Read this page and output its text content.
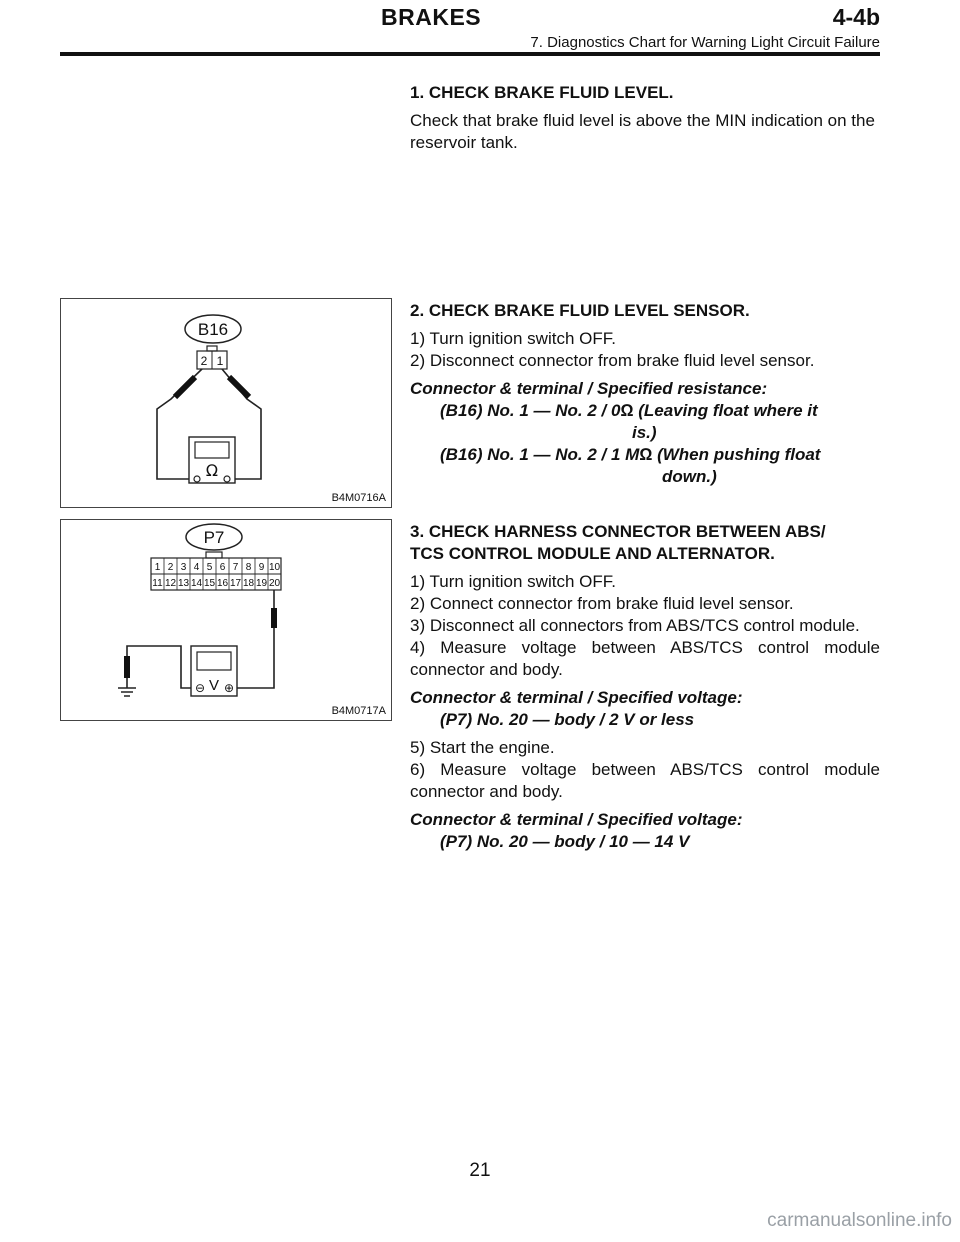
BRAKES	4-4b
7. Diagnostics Chart for Warning Light Circuit Failure

1. CHECK BRAKE FLUID LEVEL.

Check that brake fluid level is above the MIN indication on the reservoir tank.

B16
2 1
Ω
B4M0716A

2. CHECK BRAKE FLUID LEVEL SENSOR.

1) Turn ignition switch OFF.

2) Disconnect connector from brake fluid level sensor.

Connector & terminal / Specified resistance:

(B16) No. 1 — No. 2 / 0Ω (Leaving float where it
is.)

(B16) No. 1 — No. 2 / 1 MΩ (When pushing float
down.)

P7
1 2 3 4 5 6 7 8 9 10
11 12 13 14 15 16 17 18 19 20
V
⊖ ⊕
B4M0717A

3. CHECK HARNESS CONNECTOR BETWEEN ABS/
TCS CONTROL MODULE AND ALTERNATOR.

1) Turn ignition switch OFF.

2) Connect connector from brake fluid level sensor.

3) Disconnect all connectors from ABS/TCS control module.

4) Measure voltage between ABS/TCS control module connector and body.

Connector & terminal / Specified voltage:

(P7) No. 20 — body / 2 V or less

5) Start the engine.

6) Measure voltage between ABS/TCS control module connector and body.

Connector & terminal / Specified voltage:

(P7) No. 20 — body / 10 — 14 V

21
carmanualsonline.info
